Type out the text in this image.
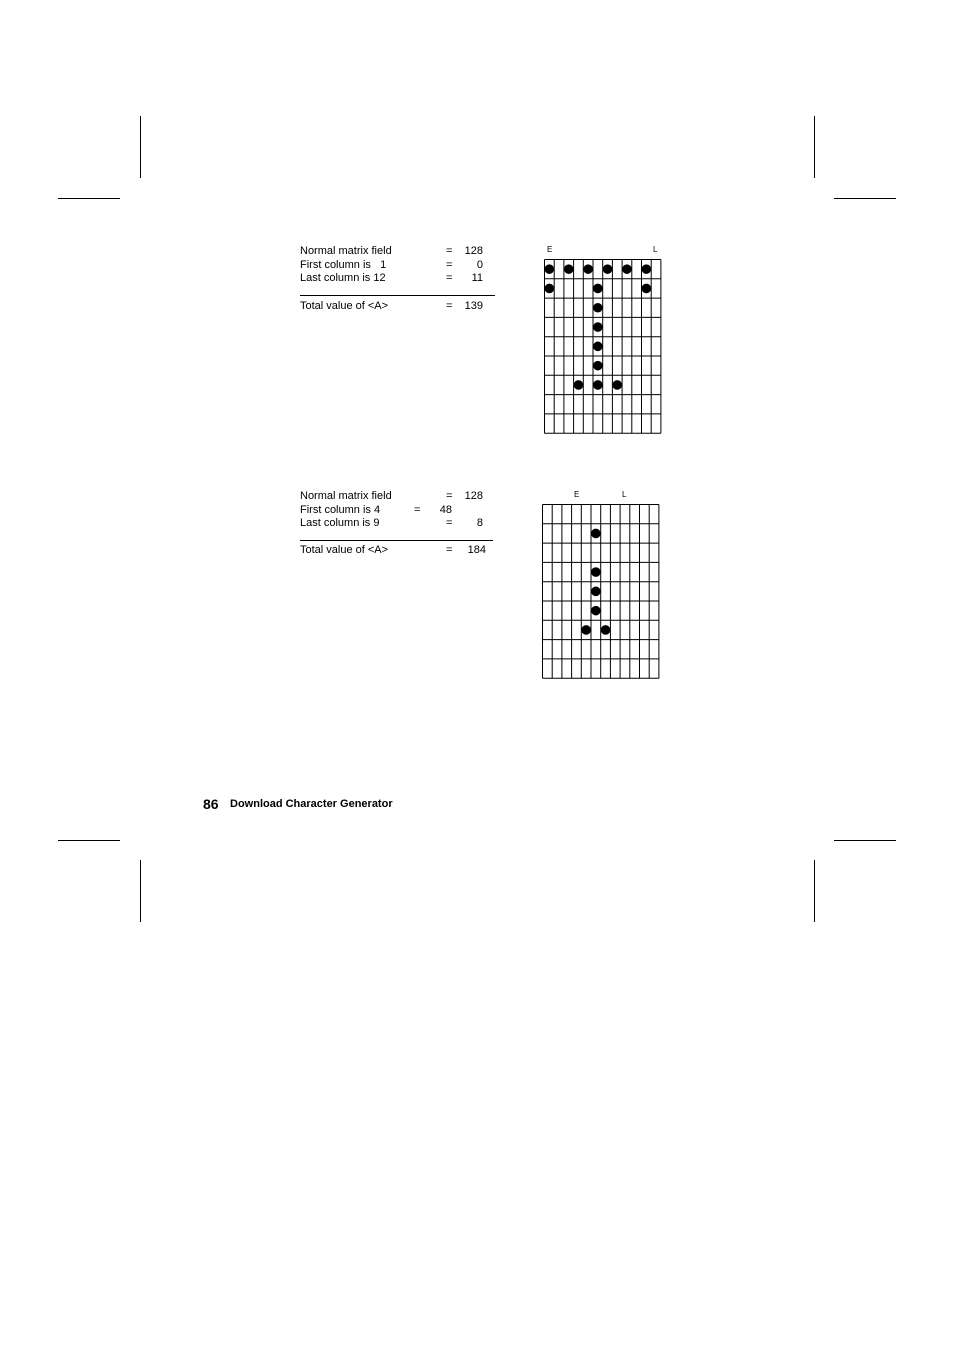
Normal matrix field	= 128
First column is   1	=	0
Last column is 12	=	11
Total value of <A>	= 139
E	L
Normal matrix field	= 128
First column is 4	=	48
Last column is 9	=	8
Total value of <A>	= 184
E	L
86 Download Character Generator
